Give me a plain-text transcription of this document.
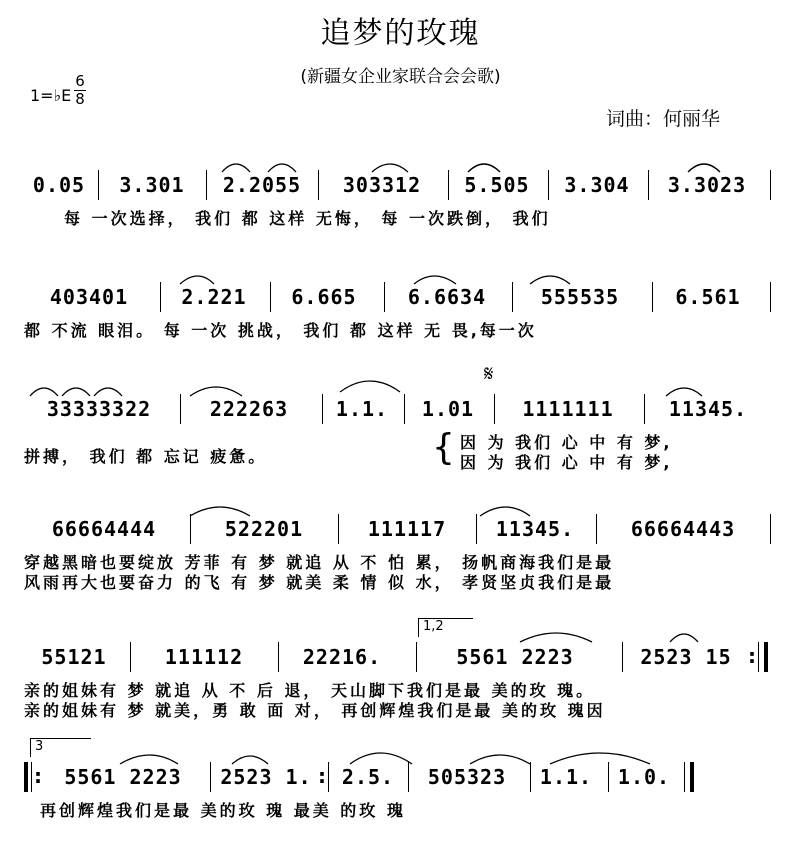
追梦的玫瑰
(新疆女企业家联合会会歌)
1=♭E
6
8
词曲：何丽华
0.05	3.301	2.2055	303312	5.505	3.304	3.3023
每 一次选择， 我们 都 这样 无悔， 每 一次跌倒， 我们
403401	2.221	6.665	6.6634	555535	6.561
都 不流 眼泪。 每 一次 挑战， 我们 都 这样 无 畏,每一次
𝄋
33333322	222263	1.1.	1.01	1111111	11345.
拼搏， 我们 都 忘记 疲惫。	{ 因 为 我们 心 中 有 梦,
因 为 我们 心 中 有 梦,
66664444	522201	111117	11345.	66664443
穿越黑暗也要绽放 芳菲 有 梦 就追 从 不 怕 累， 扬帆商海我们是最
风雨再大也要奋力 的飞 有 梦 就美 柔 情 似 水， 孝贤坚贞我们是最
1,2
55121	111112	22216.	5561 2223	2523 15 :
亲的姐妹有 梦 就追 从 不 后 退， 天山脚下我们是最 美的玫 瑰。
亲的姐妹有 梦 就美，勇 敢 面 对， 再创辉煌我们是最 美的玫 瑰因
3
:	5561 2223	2523 1. : 2.5.	505323	1.1. 1.0.
再创辉煌我们是最 美的玫 瑰 最美 的玫 瑰
